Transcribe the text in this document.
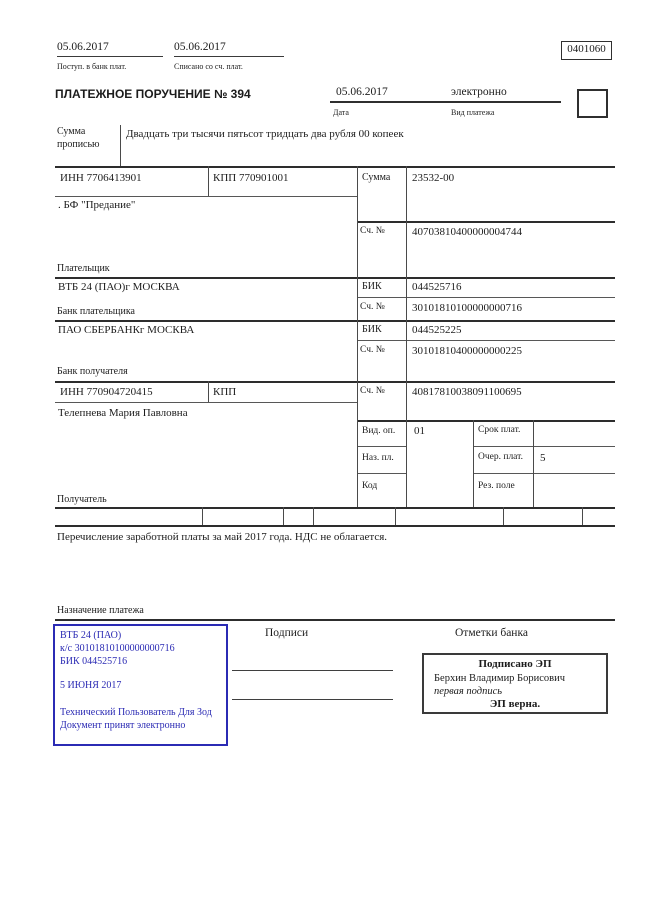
05.06.2017
Поступ. в банк плат.
05.06.2017
Списано со сч. плат.
0401060
ПЛАТЕЖНОЕ ПОРУЧЕНИЕ № 394	05.06.2017
Дата
электронно
Вид платежа
Сумма прописью
Двадцать три тысячи пятьсот тридцать два рубля 00 копеек
ИНН 7706413901	КПП 770901001	Сумма 23532-00
. БФ "Предание"
Сч. № 40703810400000004744
Плательщик
ВТБ 24 (ПАО)г МОСКВА	БИК	044525716
Сч. № 30101810100000000716
Банк плательщика
ПАО СБЕРБАНКг МОСКВА	БИК	044525225
Сч. № 30101810400000000225
Банк получателя
ИНН 770904720415	КПП	Сч. № 40817810038091100695
Телепнева Мария Павловна
Получатель
Вид. оп. 01	Срок плат.
Наз. пл.	Очер. плат. 5
Код	Рез. поле
Перечисление заработной платы за май 2017 года. НДС не облагается.
Назначение платежа
Подписи	Отметки банка
ВТБ 24 (ПАО)
к/с 30101810100000000716
БИК 044525716
5 ИЮНЯ 2017
Технический Пользователь Для Зод
Документ принят электронно
Подписано ЭП
Берхин Владимир Борисович
первая подпись
ЭП верна.
